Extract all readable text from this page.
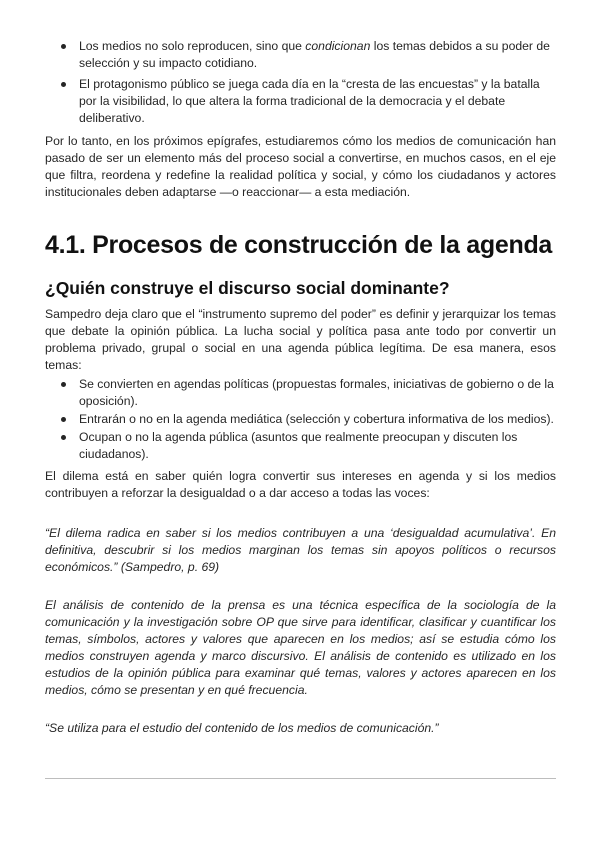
Los medios no solo reproducen, sino que condicionan los temas debidos a su poder de selección y su impacto cotidiano.
El protagonismo público se juega cada día en la “cresta de las encuestas” y la batalla por la visibilidad, lo que altera la forma tradicional de la democracia y el debate deliberativo.

Por lo tanto, en los próximos epígrafes, estudiaremos cómo los medios de comunicación han pasado de ser un elemento más del proceso social a convertirse, en muchos casos, en el eje que filtra, reordena y redefine la realidad política y social, y cómo los ciudadanos y actores institucionales deben adaptarse —o reaccionar— a esta mediación.

4.1. Procesos de construcción de la agenda
¿Quién construye el discurso social dominante?

Sampedro deja claro que el “instrumento supremo del poder” es definir y jerarquizar los temas que debate la opinión pública. La lucha social y política pasa ante todo por convertir un problema privado, grupal o social en una agenda pública legítima. De esa manera, esos temas:

Se convierten en agendas políticas (propuestas formales, iniciativas de gobierno o de la oposición).
Entrarán o no en la agenda mediática (selección y cobertura informativa de los medios).
Ocupan o no la agenda pública (asuntos que realmente preocupan y discuten los ciudadanos).

El dilema está en saber quién logra convertir sus intereses en agenda y si los medios contribuyen a reforzar la desigualdad o a dar acceso a todas las voces:

“El dilema radica en saber si los medios contribuyen a una ‘desigualdad acumulativa’. En definitiva, descubrir si los medios marginan los temas sin apoyos políticos o recursos económicos.” (Sampedro, p. 69)

El análisis de contenido de la prensa es una técnica específica de la sociología de la comunicación y la investigación sobre OP que sirve para identificar, clasificar y cuantificar los temas, símbolos, actores y valores que aparecen en los medios; así se estudia cómo los medios construyen agenda y marco discursivo. El análisis de contenido es utilizado en los estudios de la opinión pública para examinar qué temas, valores y actores aparecen en los medios, cómo se presentan y en qué frecuencia.

“Se utiliza para el estudio del contenido de los medios de comunicación.”
